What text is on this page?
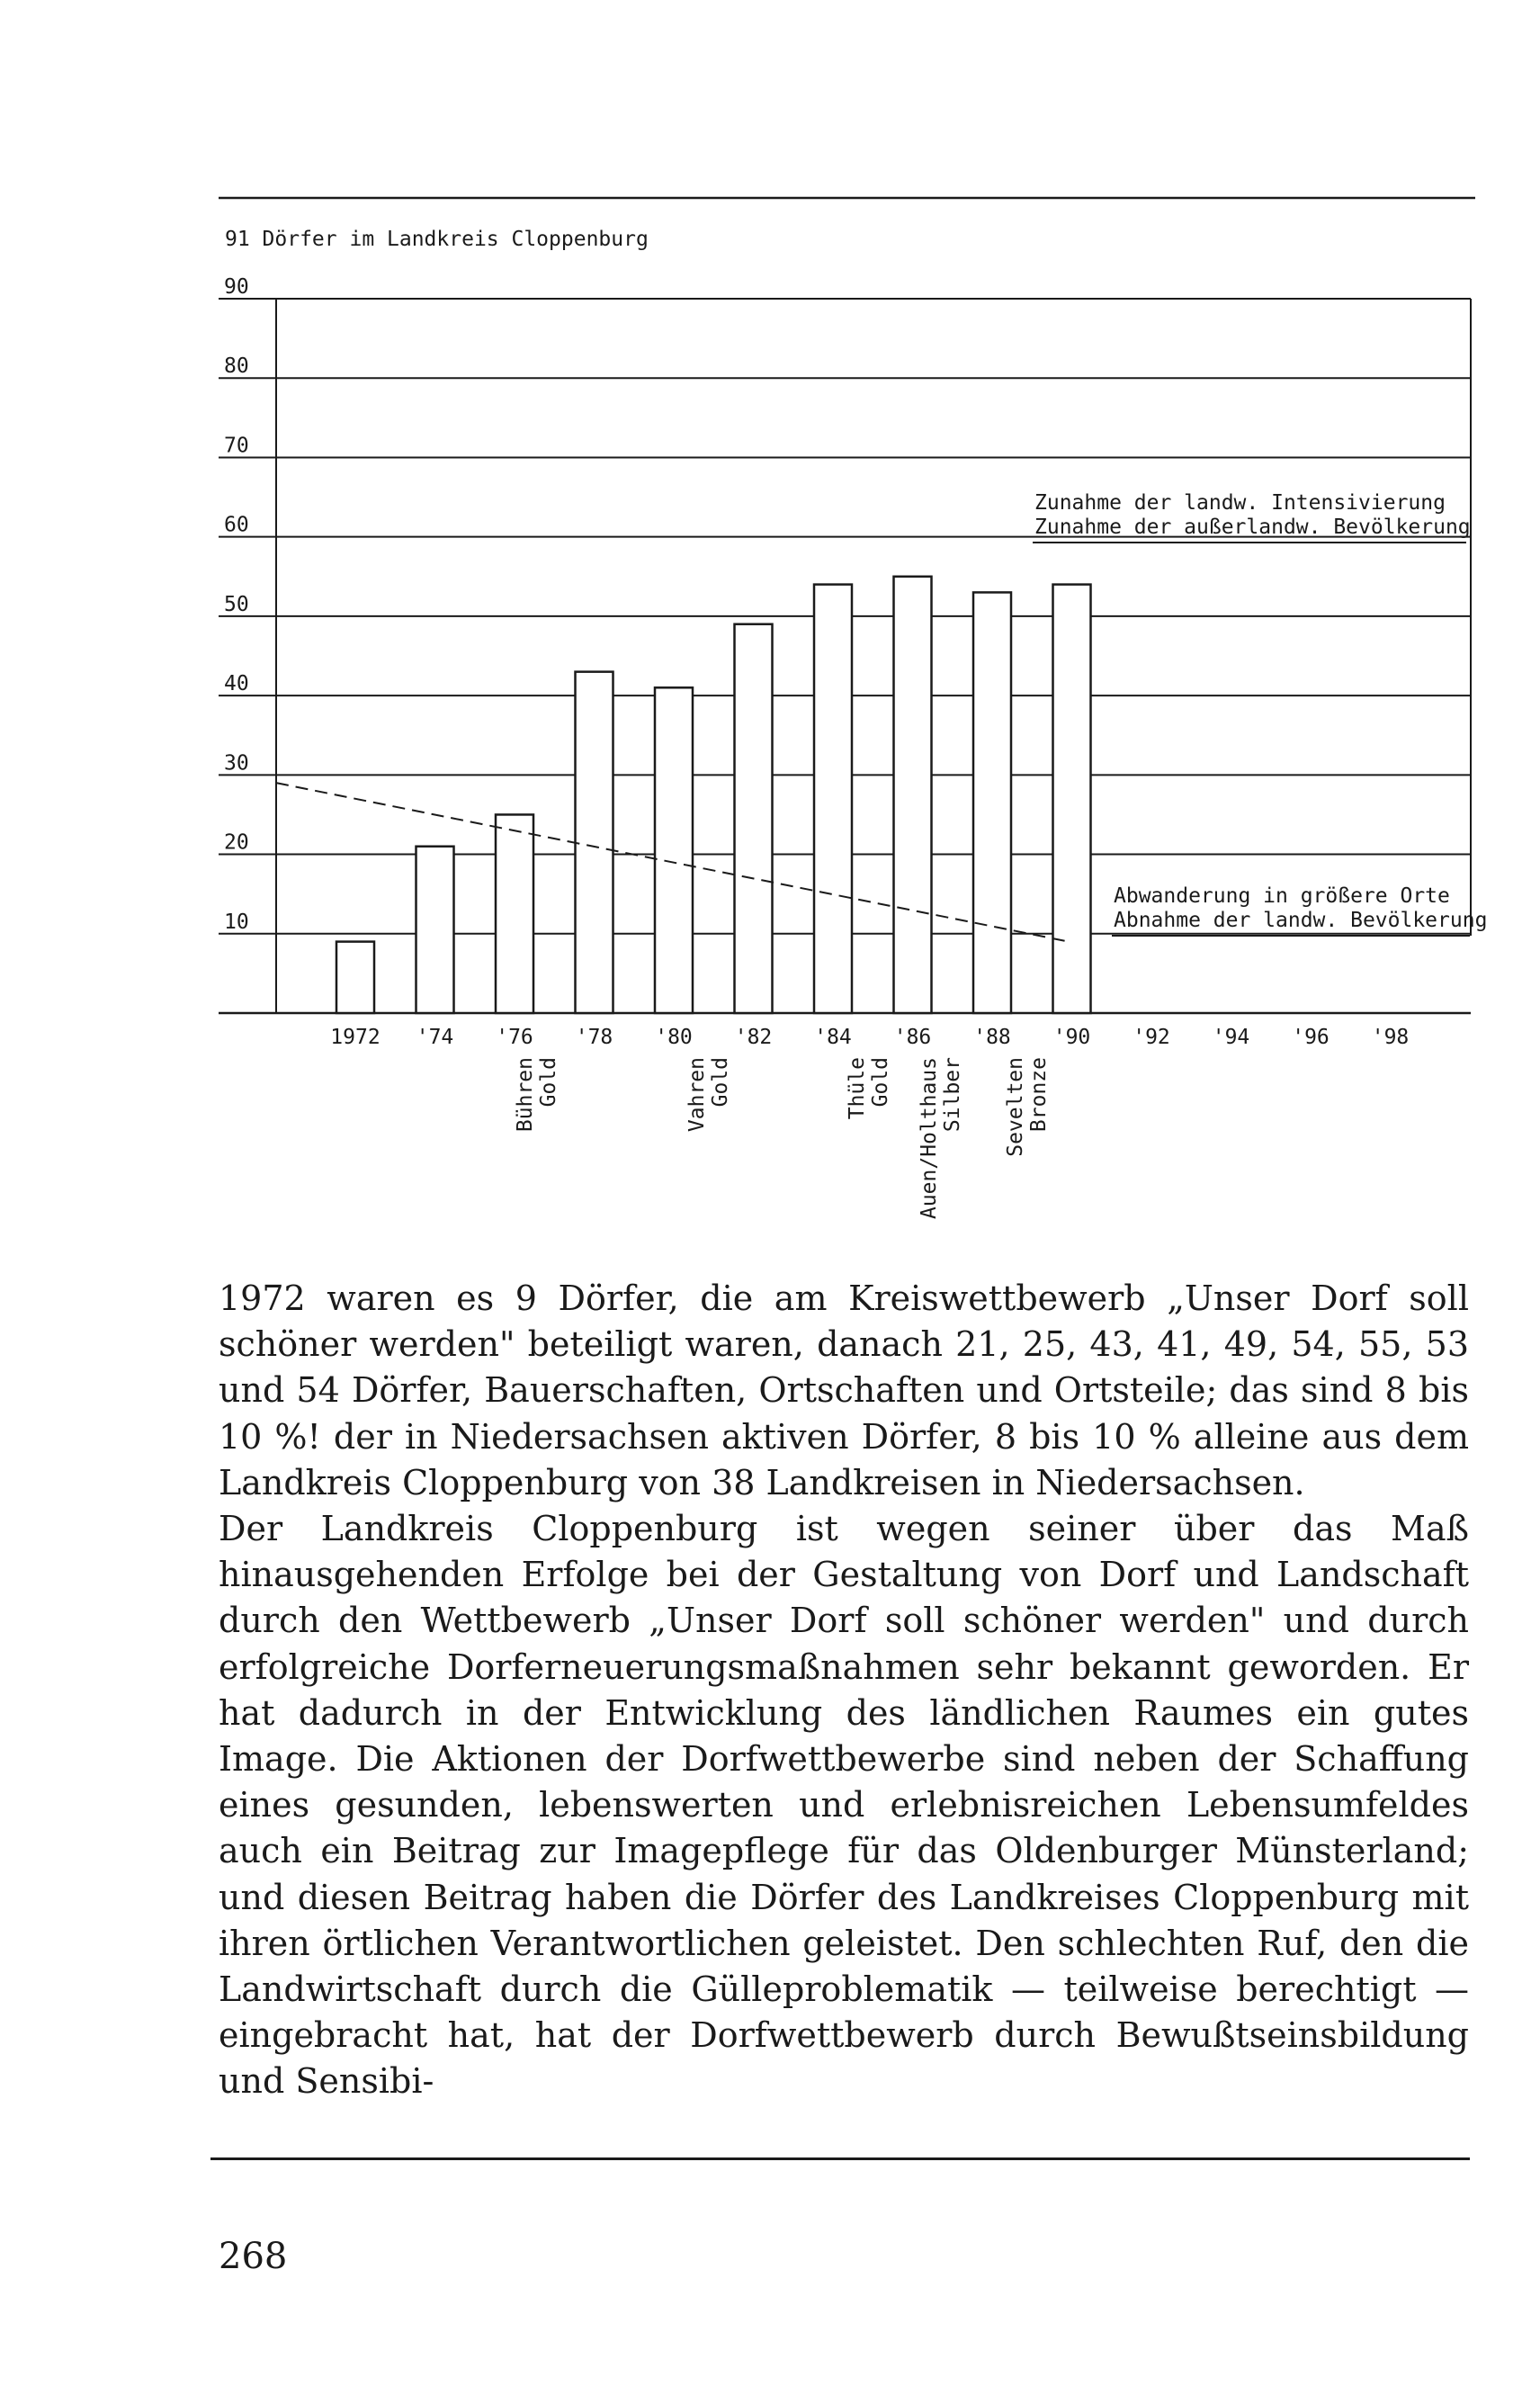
91 Dörfer im Landkreis Cloppenburg
90
80
70
60
50
40
30
20
10
1972 '74 '76 '78 '80 '82 '84 '86 '88 '90 '92 '94 '96 '98
Bühren Gold	Vahren Gold	Thüle Gold Auen/Holthaus Silber Sevelten Bronze
Zunahme der landw. Intensivierung
Zunahme der außerlandw. Bevölkerung
Abwanderung in größere Orte
Abnahme der landw. Bevölkerung

1972 waren es 9 Dörfer, die am Kreiswettbewerb „Unser Dorf soll schöner werden" beteiligt waren, danach 21, 25, 43, 41, 49, 54, 55, 53 und 54 Dörfer, Bauerschaften, Ortschaften und Ortsteile; das sind 8 bis 10 %! der in Niedersachsen aktiven Dörfer, 8 bis 10 % alleine aus dem Landkreis Cloppenburg von 38 Landkreisen in Niedersachsen.

Der Landkreis Cloppenburg ist wegen seiner über das Maß hinausgehenden Erfolge bei der Gestaltung von Dorf und Landschaft durch den Wettbewerb „Unser Dorf soll schöner werden" und durch erfolgreiche Dorferneuerungsmaßnahmen sehr bekannt geworden. Er hat dadurch in der Entwicklung des ländlichen Raumes ein gutes Image. Die Aktionen der Dorfwettbewerbe sind neben der Schaffung eines gesunden, lebenswerten und erlebnisreichen Lebensumfeldes auch ein Beitrag zur Imagepflege für das Oldenburger Münsterland; und diesen Beitrag haben die Dörfer des Landkreises Cloppenburg mit ihren örtlichen Verantwortlichen geleistet. Den schlechten Ruf, den die Landwirtschaft durch die Gülleproblematik — teilweise berechtigt — eingebracht hat, hat der Dorfwettbewerb durch Bewußtseinsbildung und Sensibi-

268
